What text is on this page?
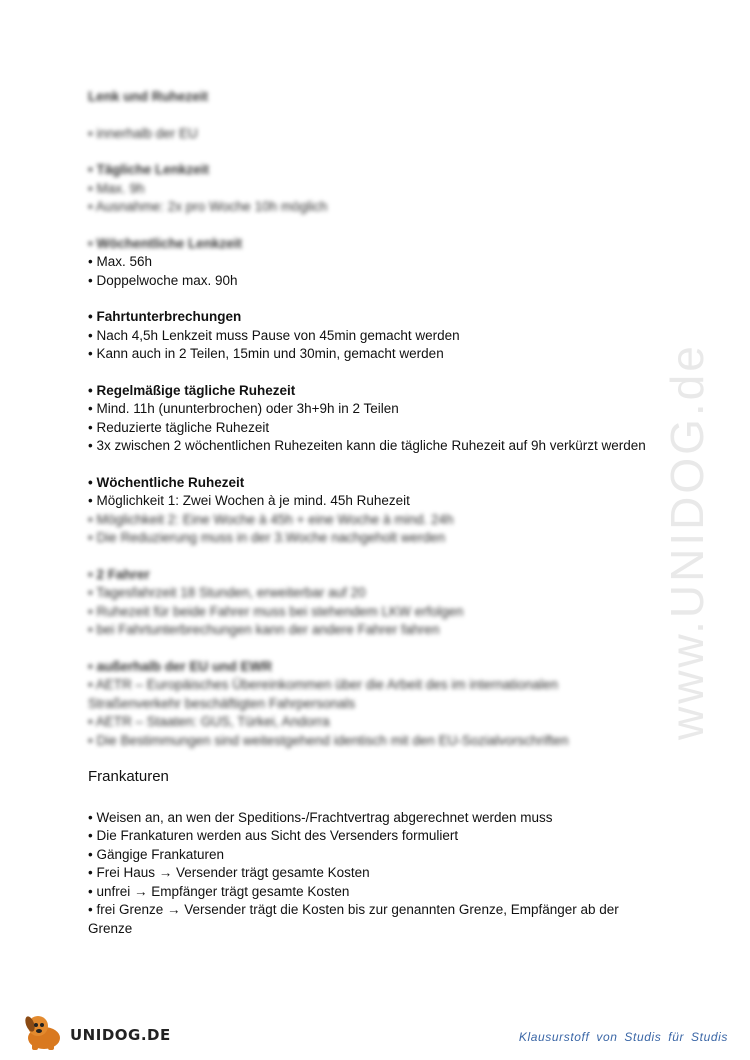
Lenk und Ruhezeit
• innerhalb der EU
• Tägliche Lenkzeit
• Max. 9h
• Ausnahme: 2x pro Woche 10h möglich
• Wöchentliche Lenkzeit
• Max. 56h
• Doppelwoche max. 90h
• Fahrtunterbrechungen
• Nach 4,5h Lenkzeit muss Pause von 45min gemacht werden
• Kann auch in 2 Teilen, 15min und 30min, gemacht werden
• Regelmäßige tägliche Ruhezeit
• Mind. 11h (ununterbrochen) oder 3h+9h in 2 Teilen
• Reduzierte tägliche Ruhezeit
• 3x zwischen 2 wöchentlichen Ruhezeiten kann die tägliche Ruhezeit auf 9h verkürzt werden
• Wöchentliche Ruhezeit
• Möglichkeit 1: Zwei Wochen à je mind. 45h Ruhezeit
• Möglichkeit 2: Eine Woche à 45h + eine Woche à mind. 24h
• Die Reduzierung muss in der 3.Woche nachgeholt werden
• 2 Fahrer
• Tagesfahrzeit 18 Stunden, erweiterbar auf 20
• Ruhezeit für beide Fahrer muss bei stehendem LKW erfolgen
• bei Fahrtunterbrechungen kann der andere Fahrer fahren
• außerhalb der EU und EWR
• AETR – Europäisches Übereinkommen über die Arbeit des im internationalen Straßenverkehr beschäftigten Fahrpersonals
• AETR – Staaten: GUS, Türkei, Andorra
• Die Bestimmungen sind weitestgehend identisch mit den EU-Sozialvorschriften
Frankaturen
• Weisen an, an wen der Speditions-/Frachtvertrag abgerechnet werden muss
• Die Frankaturen werden aus Sicht des Versenders formuliert
• Gängige Frankaturen
• Frei Haus → Versender trägt gesamte Kosten
• unfrei → Empfänger trägt gesamte Kosten
• frei Grenze → Versender trägt die Kosten bis zur genannten Grenze, Empfänger ab der Grenze
www.UNIDOG.de
UNIDOG.DE	Klausurstoff von Studis für Studis
